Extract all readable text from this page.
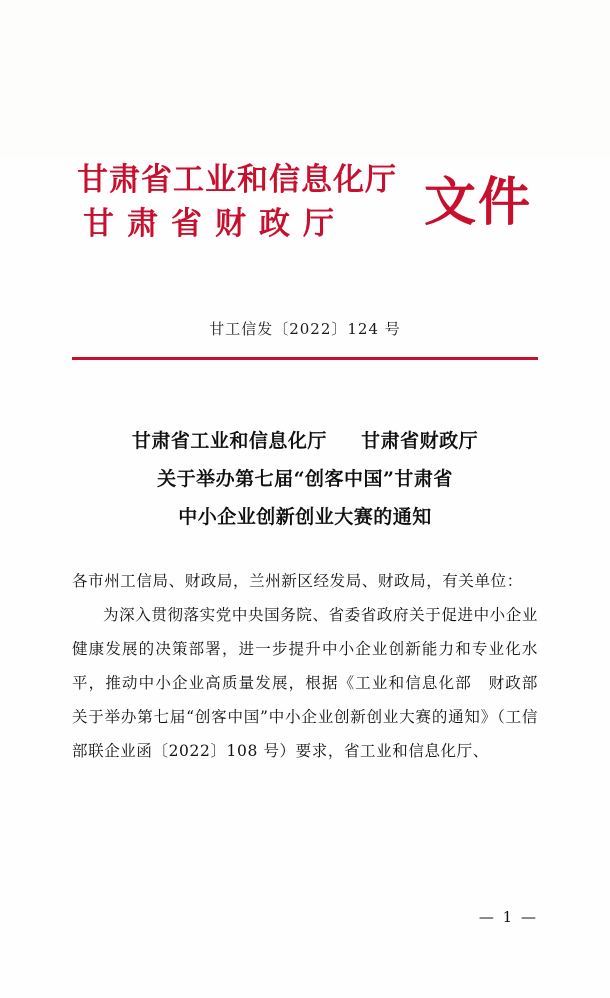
甘肃省工业和信息化厅
甘肃省财政厅	文件
甘工信发〔2022〕124 号
甘肃省工业和信息化厅 甘肃省财政厅
关于举办第七届“创客中国”甘肃省
中小企业创新创业大赛的通知

各市州工信局、财政局，兰州新区经发局、财政局，有关单位：

为深入贯彻落实党中央国务院、省委省政府关于促进中小企业健康发展的决策部署，进一步提升中小企业创新能力和专业化水平，推动中小企业高质量发展，根据《工业和信息化部　财政部关于举办第七届“创客中国”中小企业创新创业大赛的通知》（工信部联企业函〔2022〕108 号）要求，省工业和信息化厅、

— 1 —
